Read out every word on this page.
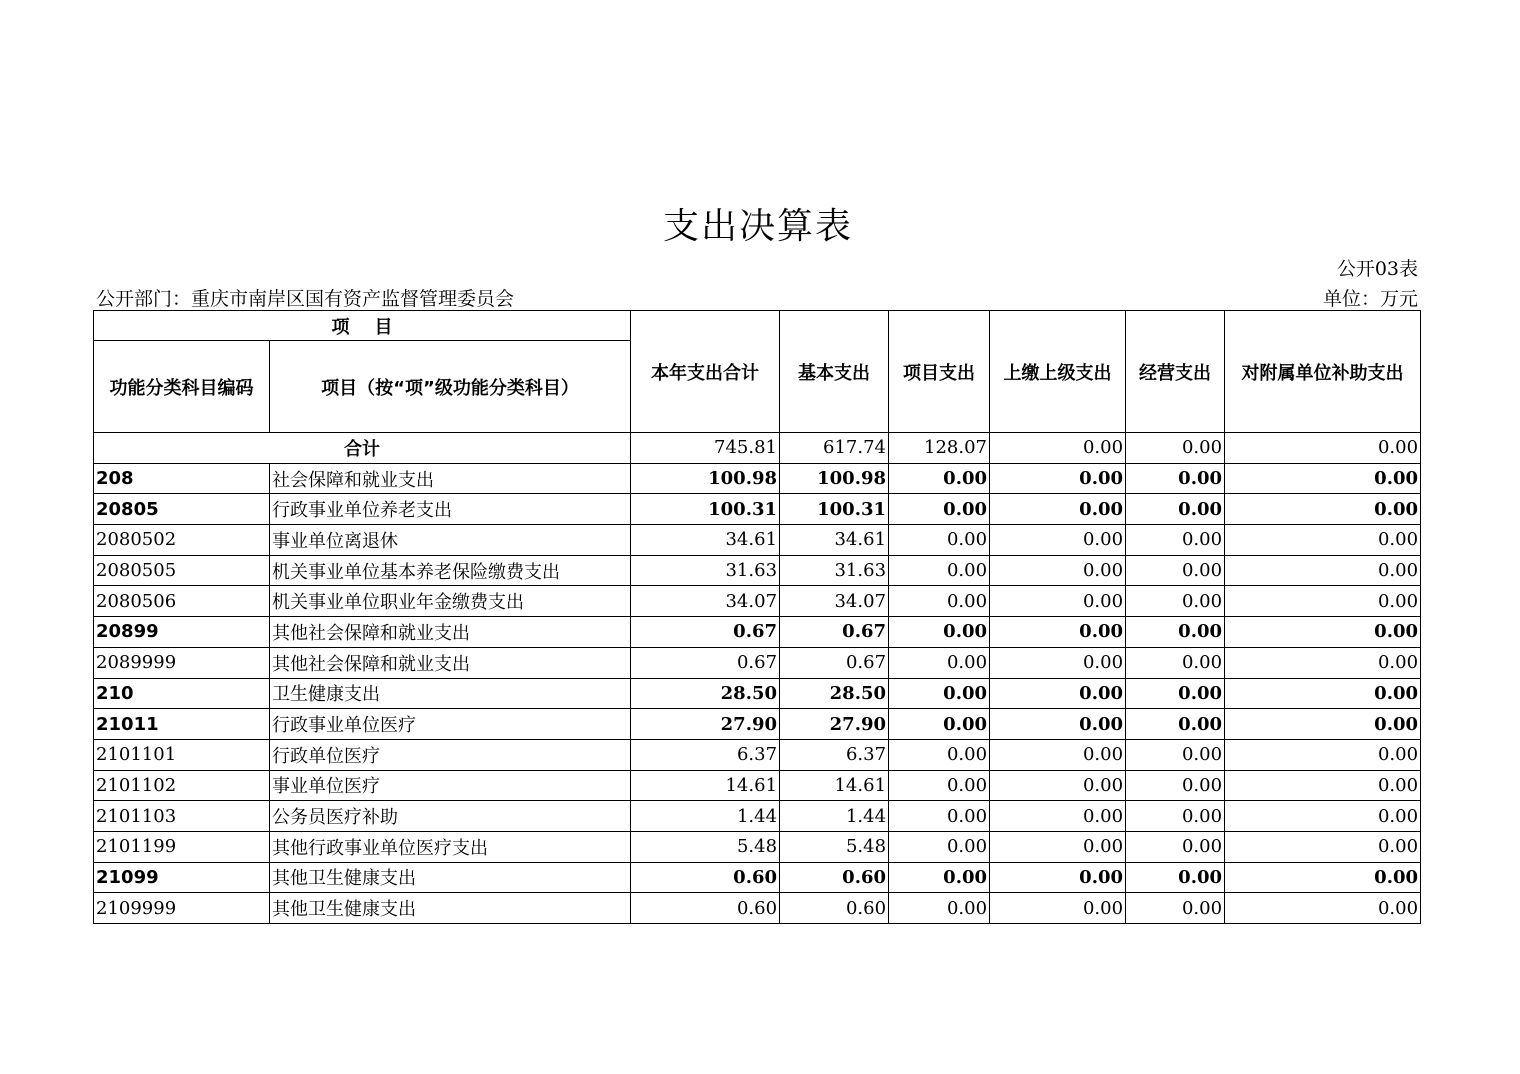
支出决算表
公开03表
公开部门：重庆市南岸区国有资产监督管理委员会	单位：万元
项    目		本年支出合计	基本支出	项目支出	上缴上级支出	经营支出	对附属单位补助支出
功能分类科目编码	项目（按“项”级功能分类科目）						
合计		745.81	617.74	128.07	0.00	0.00	0.00
208	社会保障和就业支出	100.98	100.98	0.00	0.00	0.00	0.00
20805	行政事业单位养老支出	100.31	100.31	0.00	0.00	0.00	0.00
2080502	事业单位离退休	34.61	34.61	0.00	0.00	0.00	0.00
2080505	机关事业单位基本养老保险缴费支出	31.63	31.63	0.00	0.00	0.00	0.00
2080506	机关事业单位职业年金缴费支出	34.07	34.07	0.00	0.00	0.00	0.00
20899	其他社会保障和就业支出	0.67	0.67	0.00	0.00	0.00	0.00
2089999	其他社会保障和就业支出	0.67	0.67	0.00	0.00	0.00	0.00
210	卫生健康支出	28.50	28.50	0.00	0.00	0.00	0.00
21011	行政事业单位医疗	27.90	27.90	0.00	0.00	0.00	0.00
2101101	行政单位医疗	6.37	6.37	0.00	0.00	0.00	0.00
2101102	事业单位医疗	14.61	14.61	0.00	0.00	0.00	0.00
2101103	公务员医疗补助	1.44	1.44	0.00	0.00	0.00	0.00
2101199	其他行政事业单位医疗支出	5.48	5.48	0.00	0.00	0.00	0.00
21099	其他卫生健康支出	0.60	0.60	0.00	0.00	0.00	0.00
2109999	其他卫生健康支出	0.60	0.60	0.00	0.00	0.00	0.00
